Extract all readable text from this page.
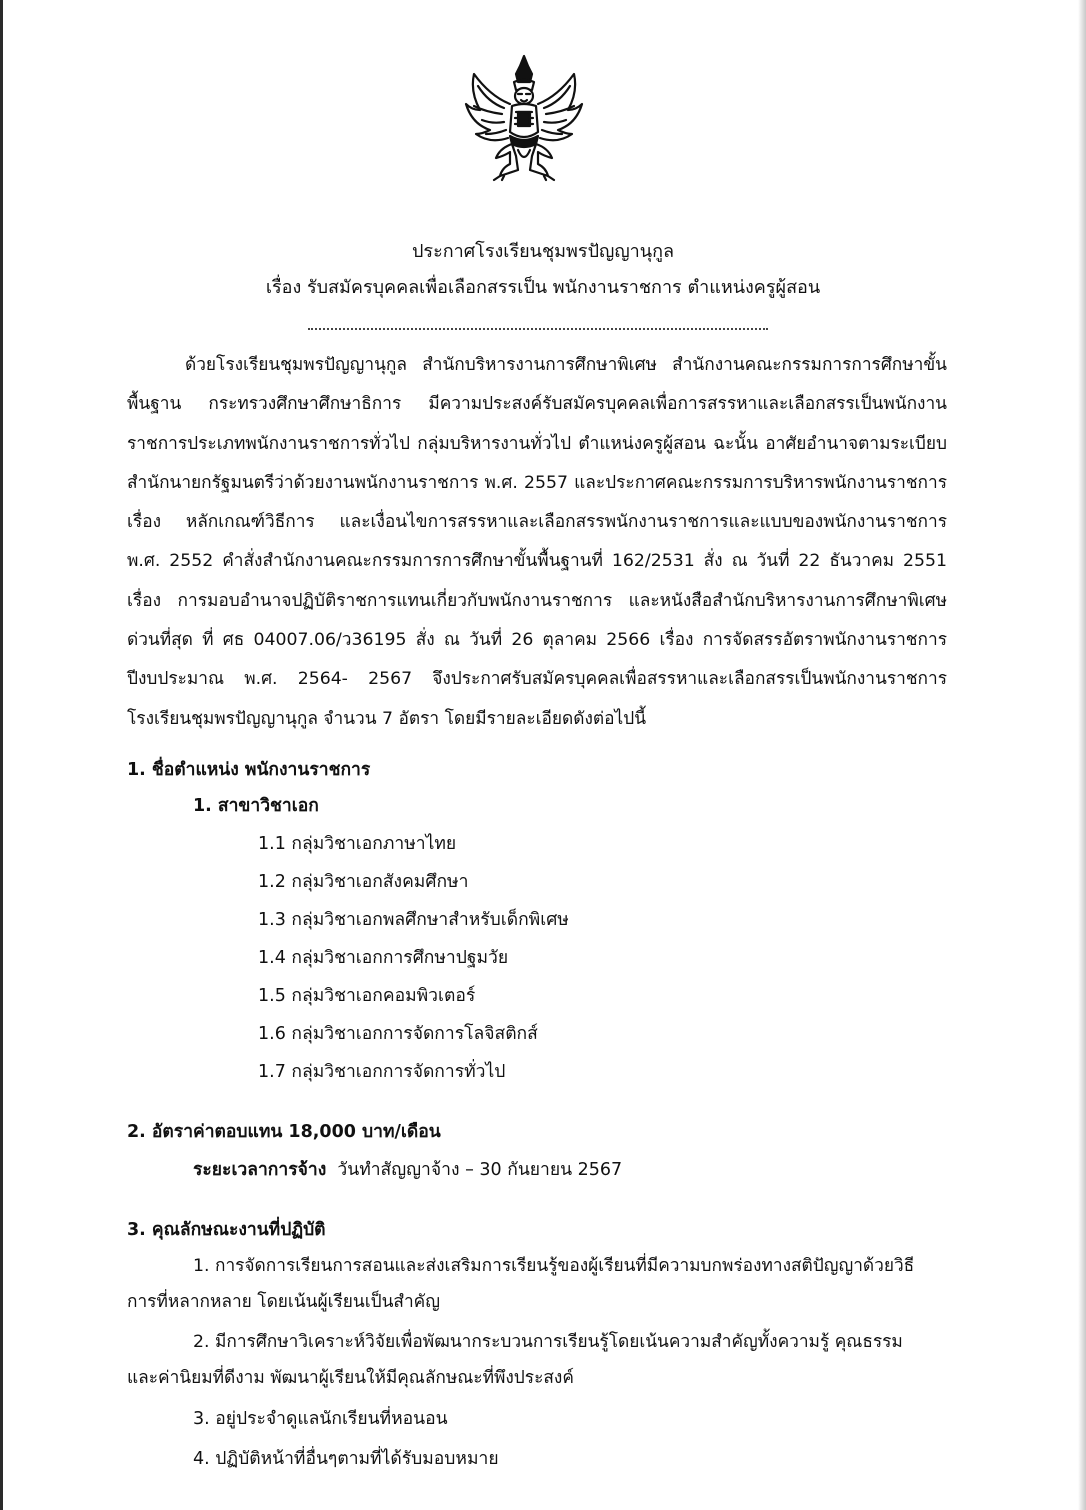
ประกาศโรงเรียนชุมพรปัญญานุกูล
เรื่อง รับสมัครบุคคลเพื่อเลือกสรรเป็น พนักงานราชการ ตำแหน่งครูผู้สอน

ด้วยโรงเรียนชุมพรปัญญานุกูล สำนักบริหารงานการศึกษาพิเศษ สำนักงานคณะกรรมการการศึกษาขั้นพื้นฐาน กระทรวงศึกษาศึกษาธิการ มีความประสงค์รับสมัครบุคคลเพื่อการสรรหาและเลือกสรรเป็นพนักงานราชการประเภทพนักงานราชการทั่วไป กลุ่มบริหารงานทั่วไป ตำแหน่งครูผู้สอน ฉะนั้น อาศัยอำนาจตามระเบียบสำนักนายกรัฐมนตรีว่าด้วยงานพนักงานราชการ พ.ศ. 2557 และประกาศคณะกรรมการบริหารพนักงานราชการเรื่อง หลักเกณฑ์วิธีการ และเงื่อนไขการสรรหาและเลือกสรรพนักงานราชการและแบบของพนักงานราชการ พ.ศ. 2552 คำสั่งสำนักงานคณะกรรมการการศึกษาขั้นพื้นฐานที่ 162/2531 สั่ง ณ วันที่ 22 ธันวาคม 2551 เรื่อง การมอบอำนาจปฏิบัติราชการแทนเกี่ยวกับพนักงานราชการ และหนังสือสำนักบริหารงานการศึกษาพิเศษ ด่วนที่สุด ที่ ศธ 04007.06/ว36195 สั่ง ณ วันที่ 26 ตุลาคม 2566 เรื่อง การจัดสรรอัตราพนักงานราชการ ปีงบประมาณ พ.ศ. 2564- 2567 จึงประกาศรับสมัครบุคคลเพื่อสรรหาและเลือกสรรเป็นพนักงานราชการโรงเรียนชุมพรปัญญานุกูล จำนวน 7 อัตรา โดยมีรายละเอียดดังต่อไปนี้

1. ชื่อตำแหน่ง พนักงานราชการ
1. สาขาวิชาเอก
1.1 กลุ่มวิชาเอกภาษาไทย
1.2 กลุ่มวิชาเอกสังคมศึกษา
1.3 กลุ่มวิชาเอกพลศึกษาสำหรับเด็กพิเศษ
1.4 กลุ่มวิชาเอกการศึกษาปฐมวัย
1.5 กลุ่มวิชาเอกคอมพิวเตอร์
1.6 กลุ่มวิชาเอกการจัดการโลจิสติกส์
1.7 กลุ่มวิชาเอกการจัดการทั่วไป
2. อัตราค่าตอบแทน 18,000 บาท/เดือน
ระยะเวลาการจ้าง วันทำสัญญาจ้าง – 30 กันยายน 2567
3. คุณลักษณะงานที่ปฏิบัติ

1. การจัดการเรียนการสอนและส่งเสริมการเรียนรู้ของผู้เรียนที่มีความบกพร่องทางสติปัญญาด้วยวิธีการที่หลากหลาย โดยเน้นผู้เรียนเป็นสำคัญ

2. มีการศึกษาวิเคราะห์วิจัยเพื่อพัฒนากระบวนการเรียนรู้โดยเน้นความสำคัญทั้งความรู้ คุณธรรม และค่านิยมที่ดีงาม พัฒนาผู้เรียนให้มีคุณลักษณะที่พึงประสงค์

3. อยู่ประจำดูแลนักเรียนที่หอนอน
4. ปฏิบัติหน้าที่อื่นๆตามที่ได้รับมอบหมาย
